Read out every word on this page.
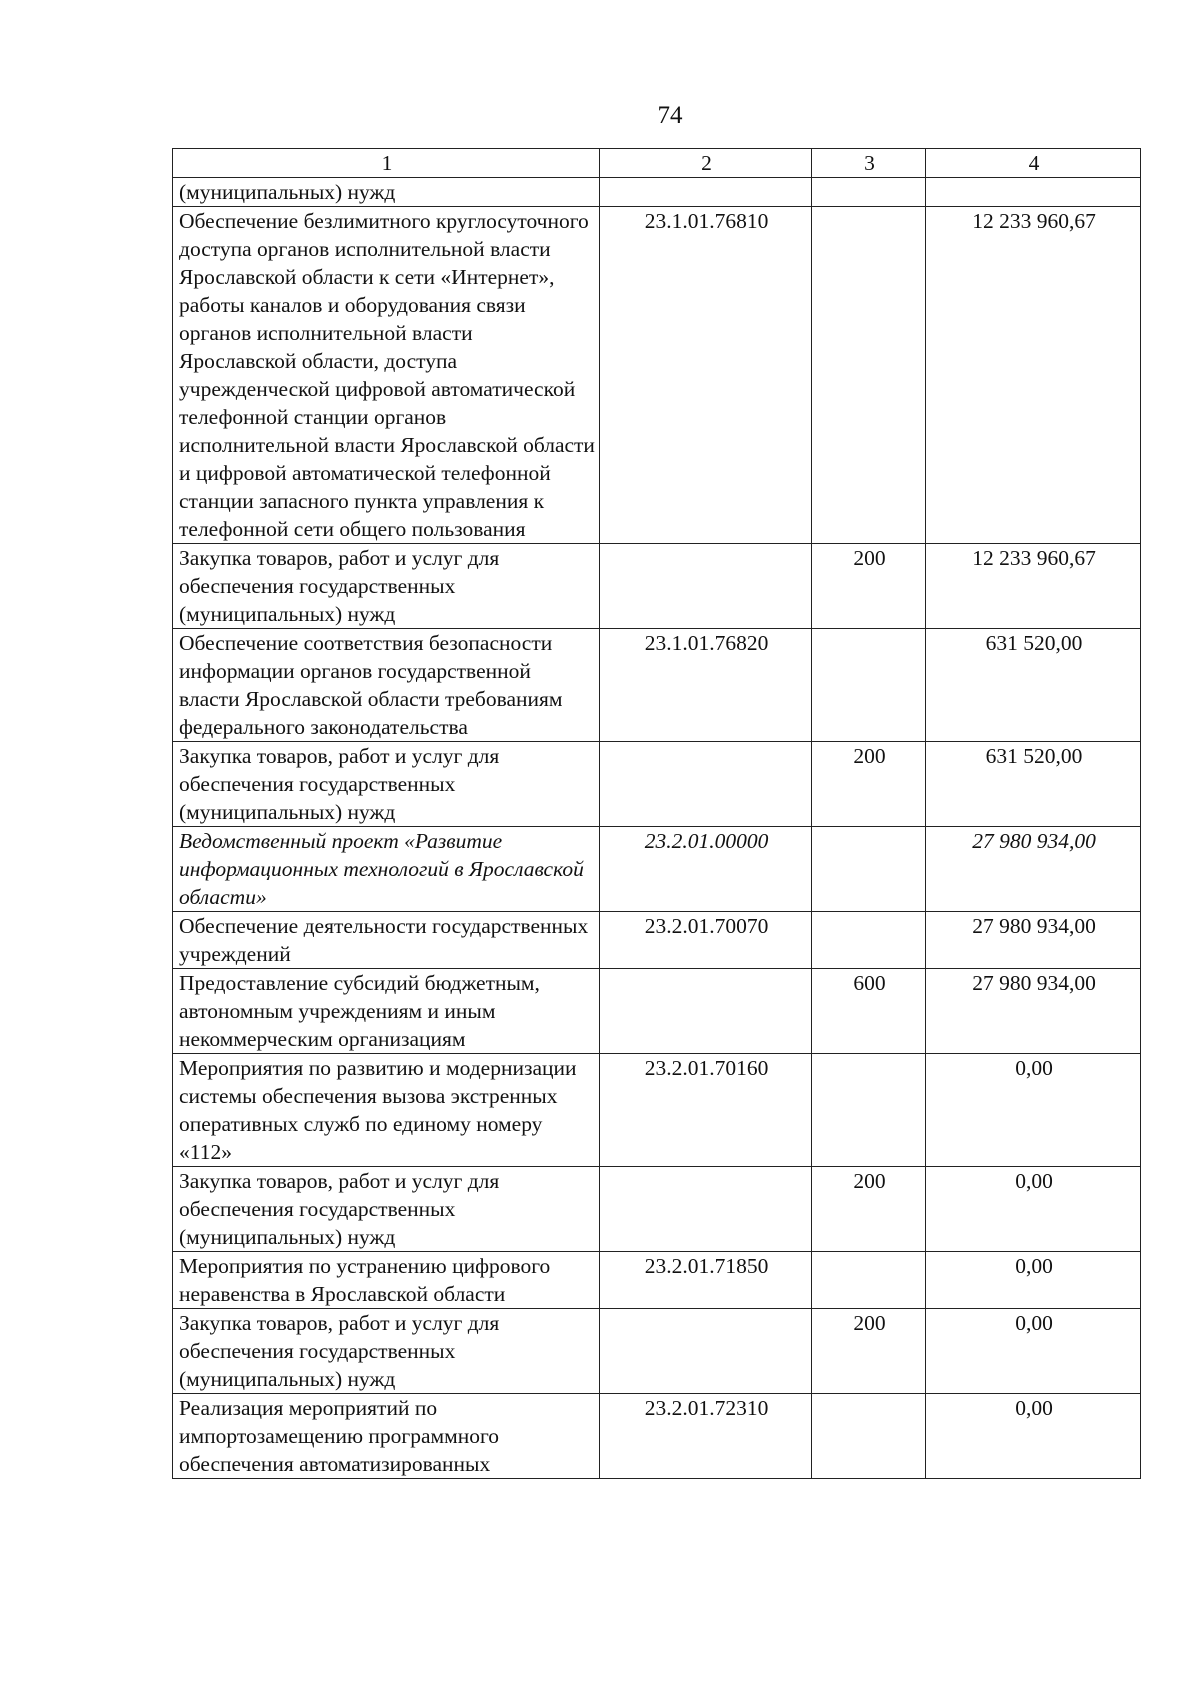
74
1	2	3	4
(муниципальных) нужд			
Обеспечение безлимитного круглосуточного доступа органов исполнительной власти Ярославской области к сети «Интернет», работы каналов и оборудования связи органов исполнительной власти Ярославской области, доступа учрежденческой цифровой автоматической телефонной станции органов исполнительной власти Ярославской области и цифровой автоматической телефонной станции запасного пункта управления к телефонной сети общего пользования	23.1.01.76810		12 233 960,67
Закупка товаров, работ и услуг для обеспечения государственных (муниципальных) нужд		200	12 233 960,67
Обеспечение соответствия безопасности информации органов государственной власти Ярославской области требованиям федерального законодательства	23.1.01.76820		631 520,00
Закупка товаров, работ и услуг для обеспечения государственных (муниципальных) нужд		200	631 520,00
Ведомственный проект «Развитие информационных технологий в Ярославской области»	23.2.01.00000		27 980 934,00
Обеспечение деятельности государственных учреждений	23.2.01.70070		27 980 934,00
Предоставление субсидий бюджетным, автономным учреждениям и иным некоммерческим организациям		600	27 980 934,00
Мероприятия по развитию и модернизации системы обеспечения вызова экстренных оперативных служб по единому номеру «112»	23.2.01.70160		0,00
Закупка товаров, работ и услуг для обеспечения государственных (муниципальных) нужд		200	0,00
Мероприятия по устранению цифрового неравенства в Ярославской области	23.2.01.71850		0,00
Закупка товаров, работ и услуг для обеспечения государственных (муниципальных) нужд		200	0,00
Реализация мероприятий по импортозамещению программного обеспечения автоматизированных	23.2.01.72310		0,00
